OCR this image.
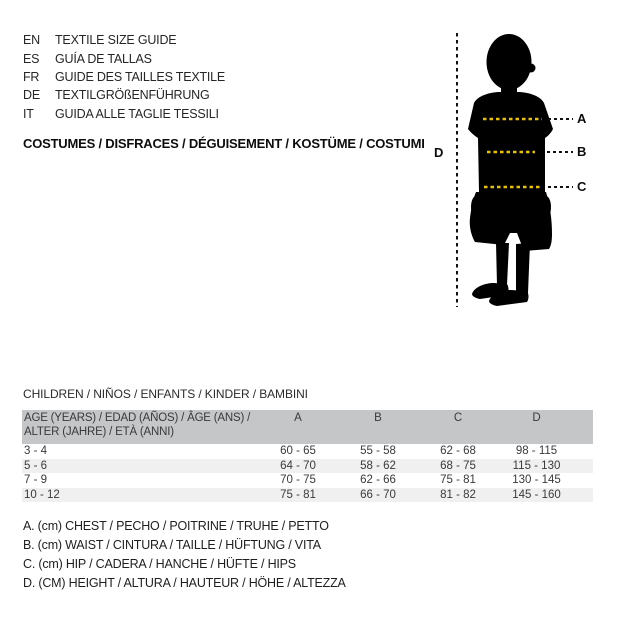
EN	TEXTILE SIZE GUIDE
ES	GUÍA DE TALLAS
FR	GUIDE DES TAILLES TEXTILE
DE	TEXTILGRÖßENFÜHRUNG
IT	GUIDA ALLE TAGLIE TESSILI
COSTUMES / DISFRACES / DÉGUISEMENT / KOSTÜME / COSTUMI
D
A
B
C
CHILDREN / NIÑOS / ENFANTS / KINDER / BAMBINI
AGE (YEARS) / EDAD (AÑOS) / ÂGE (ANS) /
ALTER (JAHRE) / ETÀ (ANNI)	A	B	C	D
3 - 4	60 - 65	55 - 58	62 - 68	98 - 115
5 - 6	64 - 70	58 - 62	68 - 75	115 - 130
7 - 9	70 - 75	62 - 66	75 - 81	130 - 145
10 - 12	75 - 81	66 - 70	81 - 82	145 - 160
A. (cm) CHEST / PECHO / POITRINE / TRUHE / PETTO
B. (cm) WAIST / CINTURA / TAILLE / HÜFTUNG / VITA
C. (cm) HIP / CADERA / HANCHE / HÜFTE / HIPS
D. (CM) HEIGHT / ALTURA / HAUTEUR / HÖHE / ALTEZZA
